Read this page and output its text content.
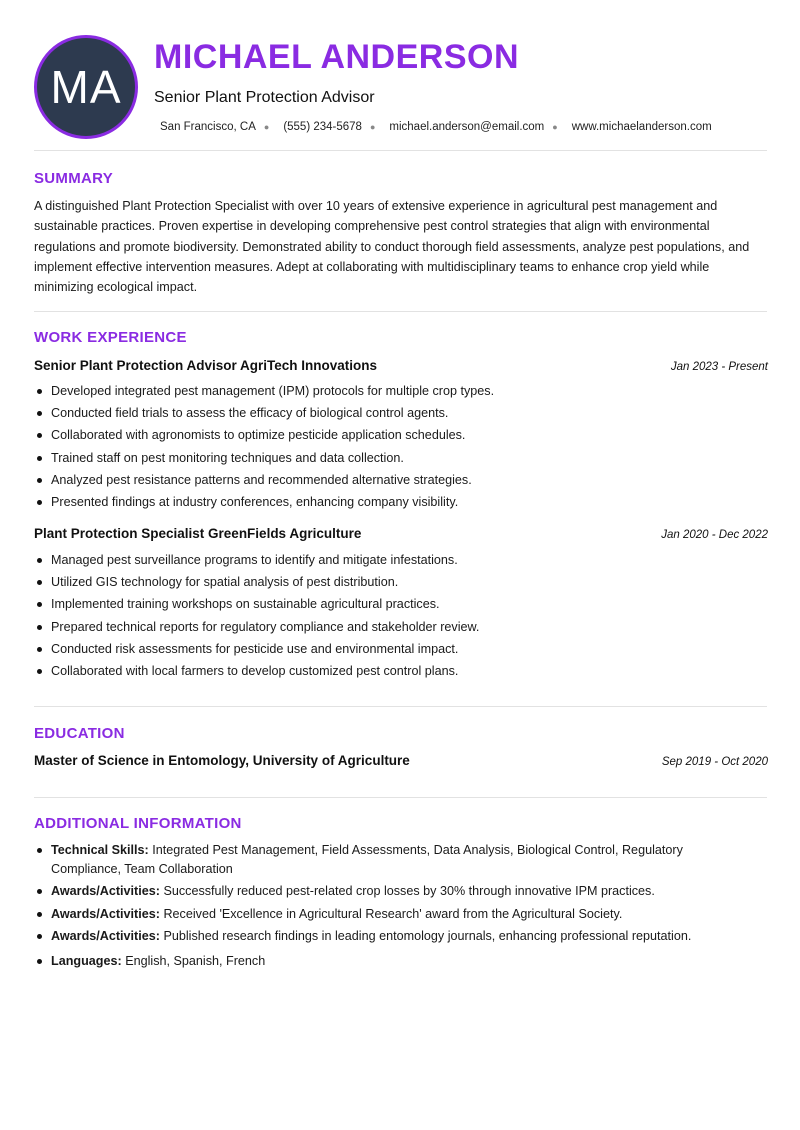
MA
MICHAEL ANDERSON
Senior Plant Protection Advisor
San Francisco, CA ● (555) 234-5678 ● michael.anderson@email.com ● www.michaelanderson.com
SUMMARY

A distinguished Plant Protection Specialist with over 10 years of extensive experience in agricultural pest management and sustainable practices. Proven expertise in developing comprehensive pest control strategies that align with environmental regulations and promote biodiversity. Demonstrated ability to conduct thorough field assessments, analyze pest populations, and implement effective intervention measures. Adept at collaborating with multidisciplinary teams to enhance crop yield while minimizing ecological impact.

WORK EXPERIENCE
Senior Plant Protection Advisor AgriTech Innovations	Jan 2023 - Present
Developed integrated pest management (IPM) protocols for multiple crop types.
Conducted field trials to assess the efficacy of biological control agents.
Collaborated with agronomists to optimize pesticide application schedules.
Trained staff on pest monitoring techniques and data collection.
Analyzed pest resistance patterns and recommended alternative strategies.
Presented findings at industry conferences, enhancing company visibility.
Plant Protection Specialist GreenFields Agriculture	Jan 2020 - Dec 2022
Managed pest surveillance programs to identify and mitigate infestations.
Utilized GIS technology for spatial analysis of pest distribution.
Implemented training workshops on sustainable agricultural practices.
Prepared technical reports for regulatory compliance and stakeholder review.
Conducted risk assessments for pesticide use and environmental impact.
Collaborated with local farmers to develop customized pest control plans.
EDUCATION
Master of Science in Entomology, University of Agriculture	Sep 2019 - Oct 2020
ADDITIONAL INFORMATION
Technical Skills: Integrated Pest Management, Field Assessments, Data Analysis, Biological Control, Regulatory Compliance, Team Collaboration
Awards/Activities: Successfully reduced pest-related crop losses by 30% through innovative IPM practices.
Awards/Activities: Received 'Excellence in Agricultural Research' award from the Agricultural Society.
Awards/Activities: Published research findings in leading entomology journals, enhancing professional reputation.
Languages: English, Spanish, French
